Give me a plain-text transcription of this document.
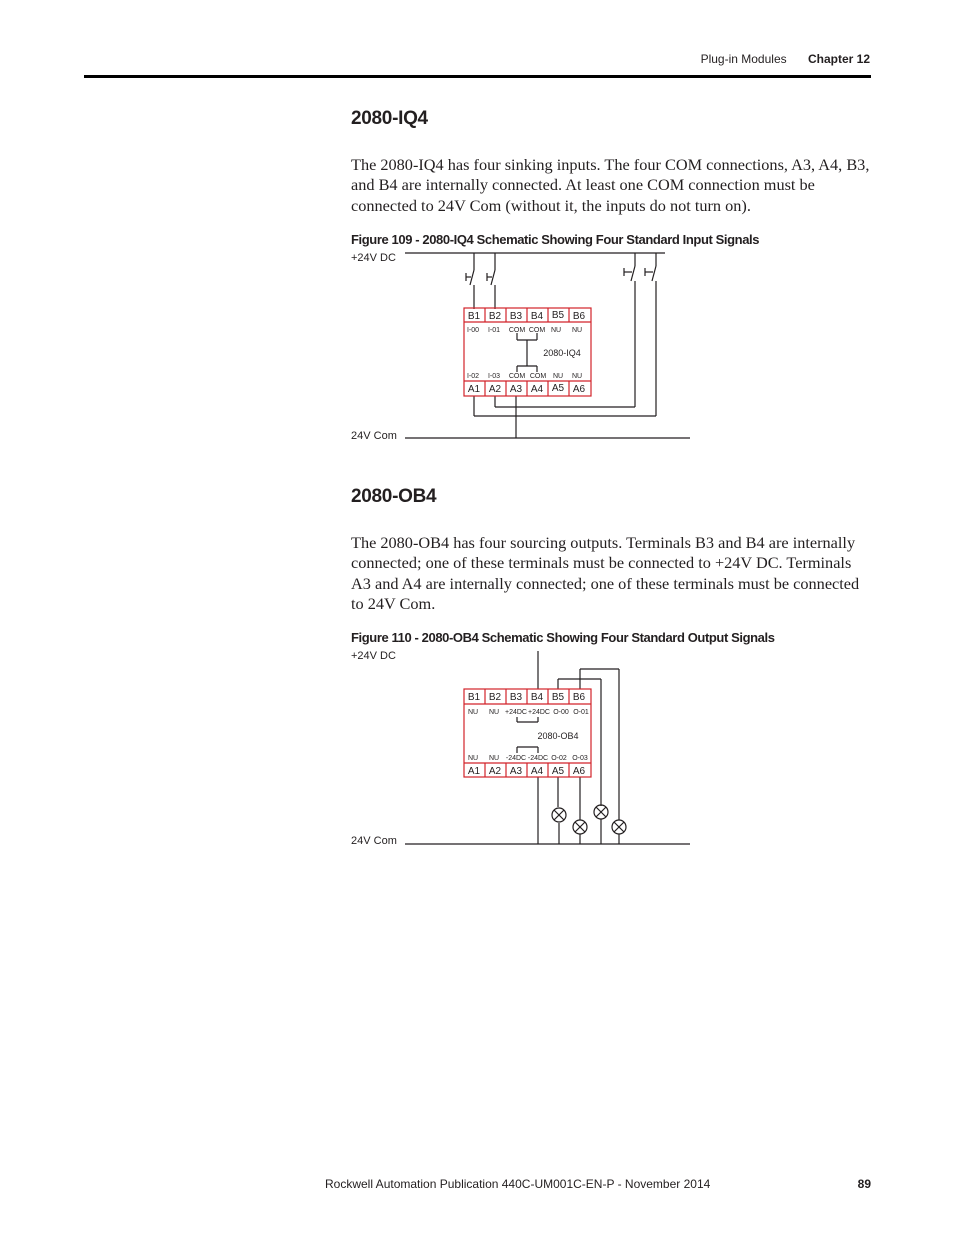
Plug-in Modules Chapter 12
2080-IQ4

The 2080-IQ4 has four sinking inputs. The four COM connections, A3, A4, B3, and B4 are internally connected. At least one COM connection must be connected to 24V Com (without it, the inputs do not turn on).

Figure 109 - 2080-IQ4 Schematic Showing Four Standard Input Signals

+24V DC
24V Com
2080-IQ4
B1 B2 B3 B4 B5 B6
A1 A2 A3 A4 A5 A6
I-00 I-01 COM COM NU NU
I-02 I-03 COM COM NU NU
2080-OB4

The 2080-OB4 has four sourcing outputs. Terminals B3 and B4 are internally connected; one of these terminals must be connected to +24V DC. Terminals A3 and A4 are internally connected; one of these terminals must be connected to 24V Com.

Figure 110 - 2080-OB4 Schematic Showing Four Standard Output Signals

+24V DC
24V Com
2080-OB4
B1 B2 B3 B4 B5 B6
A1 A2 A3 A4 A5 A6
NU NU +24DC +24DC O-00 O-01
NU NU -24DC -24DC O-02 O-03
Rockwell Automation Publication 440C-UM001C-EN-P - November 2014	89
